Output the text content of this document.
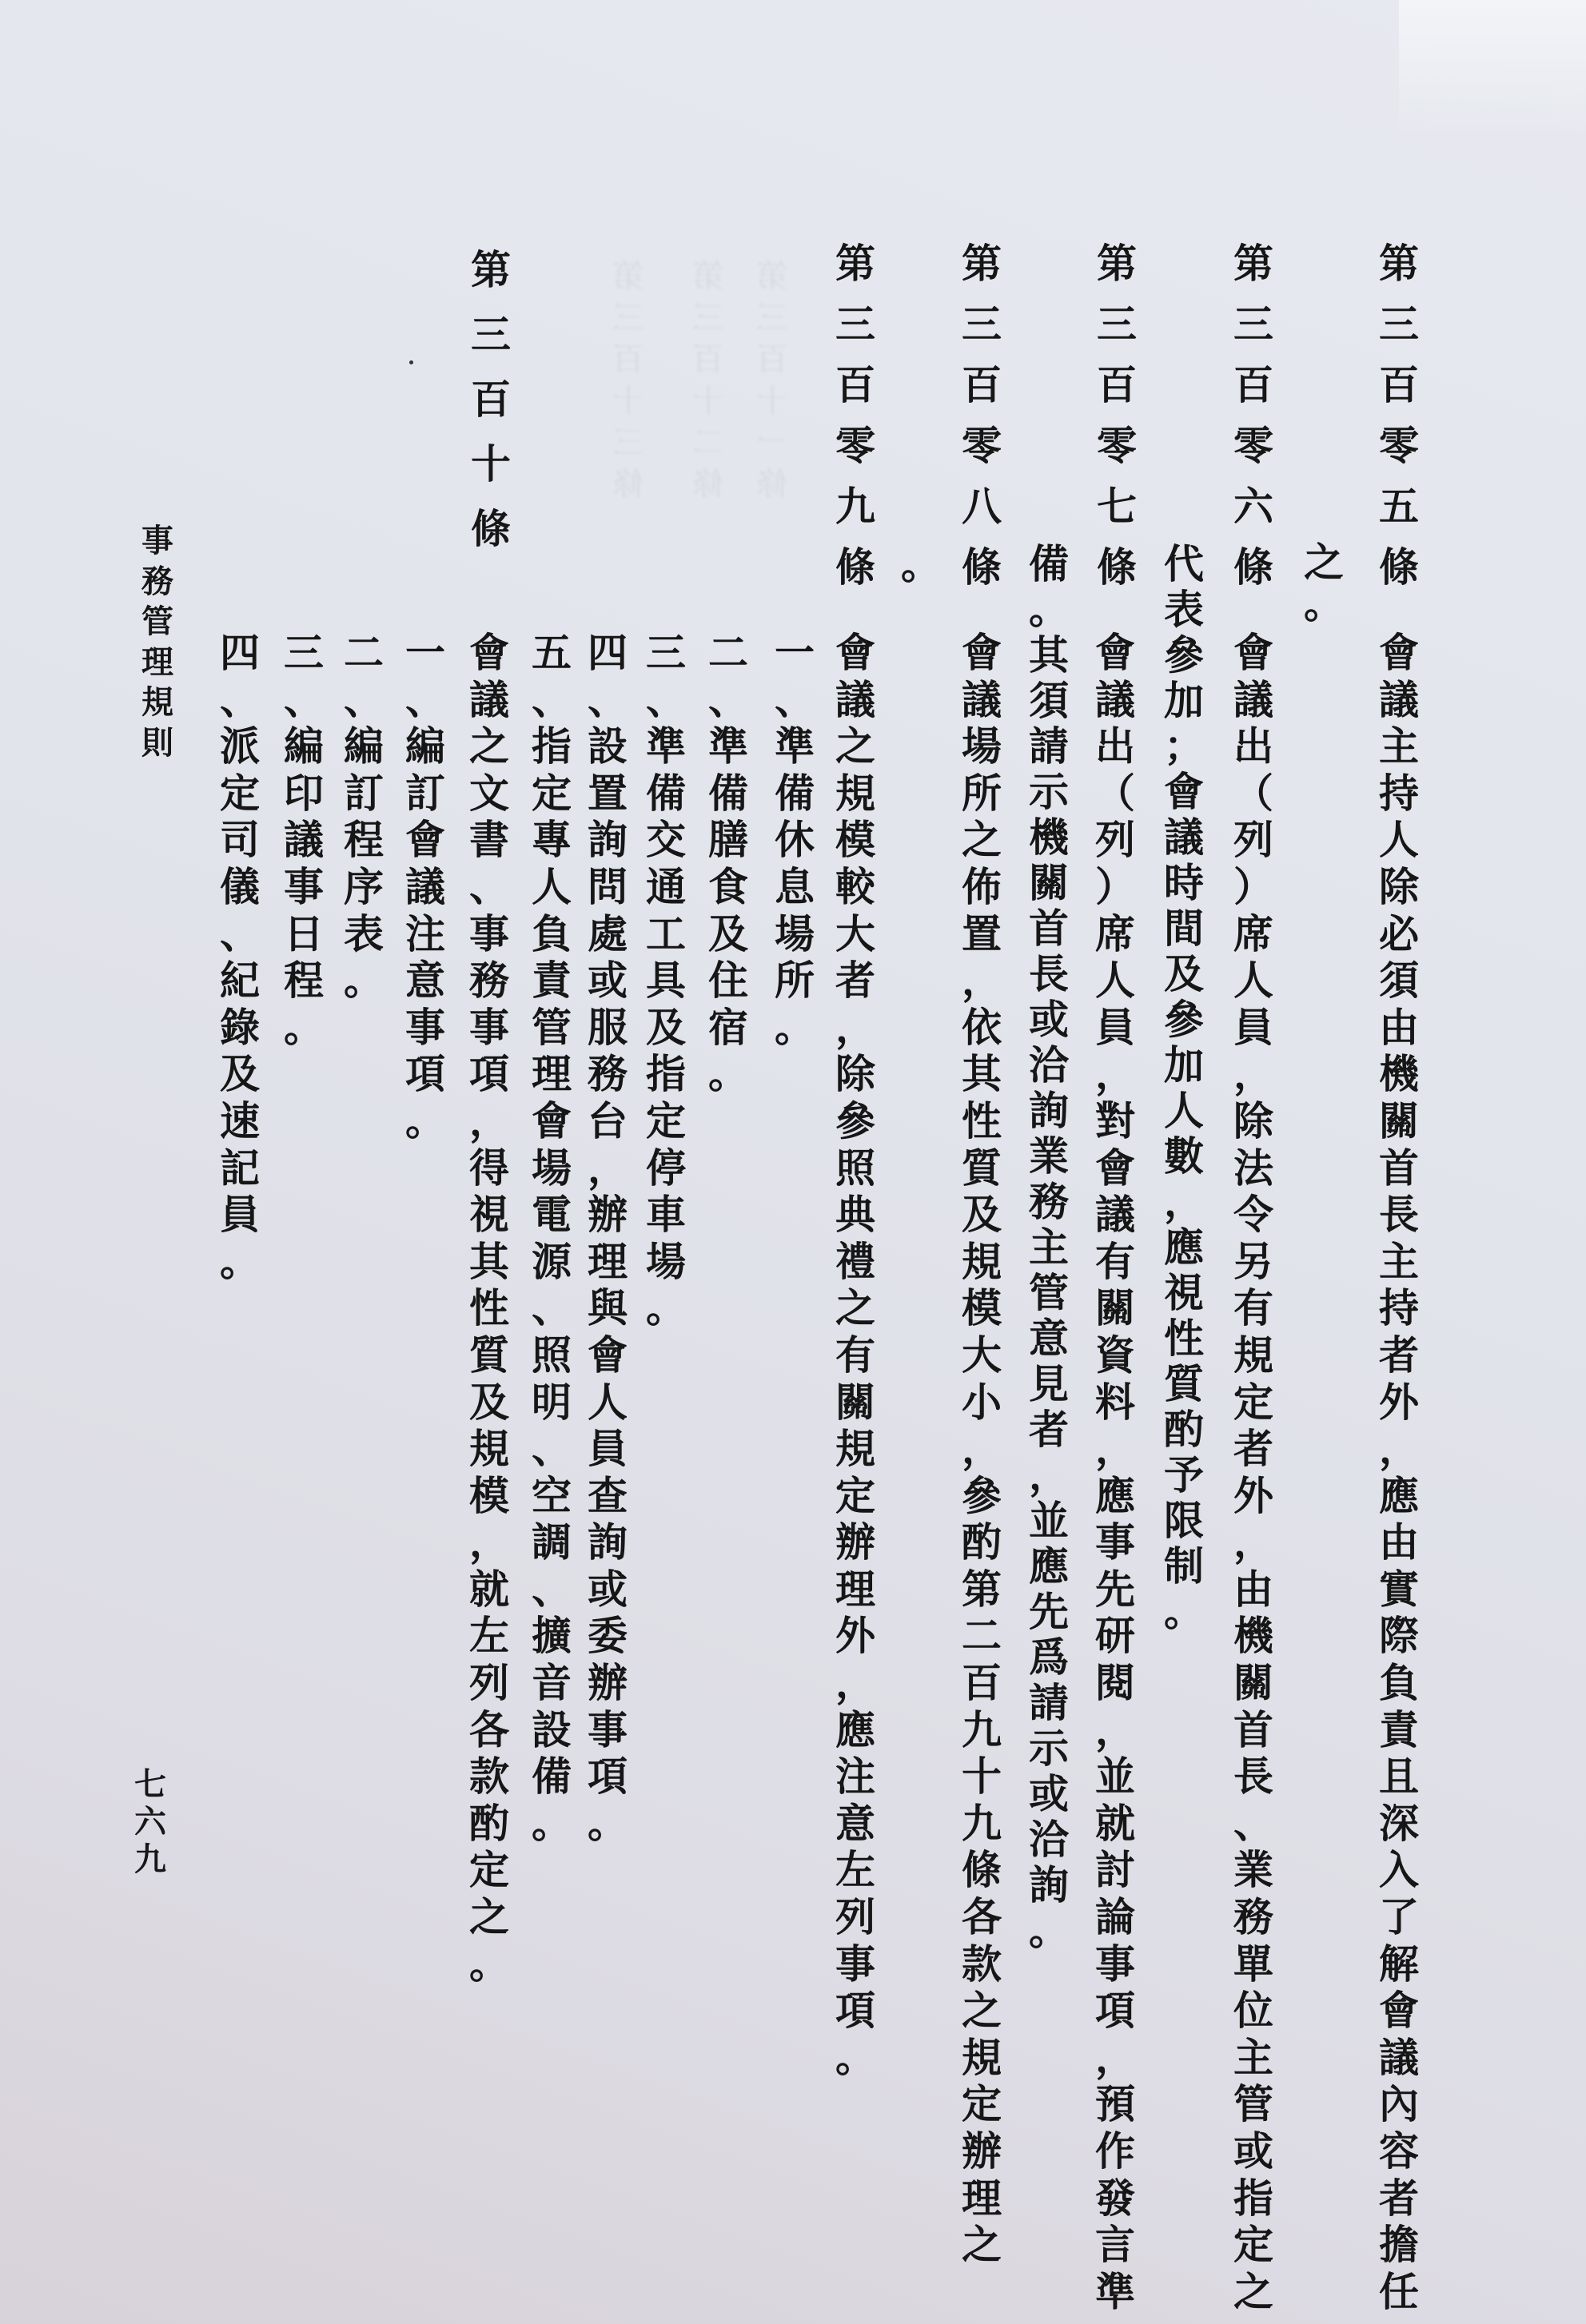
第
三
百
十
一
條
第
三
百
十
二
條
第
三
百
十
三
條
第
三
百
零
五
條
會
議
主
持
人
除
必
須
由
機
關
首
長
主
持
者
外
，
應
由
實
際
負
責
且
深
入
了
解
會
議
內
容
者
擔
任
之
。
第
三
百
零
六
條
會
議
出
（
列
）
席
人
員
，
除
法
令
另
有
規
定
者
外
，
由
機
關
首
長
、
業
務
單
位
主
管
或
指
定
之
代
表
參
加
；
會
議
時
間
及
參
加
人
數
，
應
視
性
質
酌
予
限
制
。
第
三
百
零
七
條
會
議
出
（
列
）
席
人
員
，
對
會
議
有
關
資
料
，
應
事
先
研
閱
，
並
就
討
論
事
項
，
預
作
發
言
準
備
。
其
須
請
示
機
關
首
長
或
洽
詢
業
務
主
管
意
見
者
，
並
應
先
爲
請
示
或
洽
詢
。
第
三
百
零
八
條
會
議
場
所
之
佈
置
，
依
其
性
質
及
規
模
大
小
，
參
酌
第
二
百
九
十
九
條
各
款
之
規
定
辦
理
之
。
第
三
百
零
九
條
會
議
之
規
模
較
大
者
，
除
參
照
典
禮
之
有
關
規
定
辦
理
外
，
應
注
意
左
列
事
項
。
一
、
準
備
休
息
場
所
。
二
、
準
備
膳
食
及
住
宿
。
三
、
準
備
交
通
工
具
及
指
定
停
車
場
。
四
、
設
置
詢
問
處
或
服
務
台
，
辦
理
與
會
人
員
查
詢
或
委
辦
事
項
。
五
、
指
定
專
人
負
責
管
理
會
場
電
源
、
照
明
、
空
調
、
擴
音
設
備
。
第
三
百
十
條
會
議
之
文
書
、
事
務
事
項
，
得
視
其
性
質
及
規
模
，
就
左
列
各
款
酌
定
之
。
一
、
編
訂
會
議
注
意
事
項
。
二
、
編
訂
程
序
表
。
三
、
編
印
議
事
日
程
。
四
、
派
定
司
儀
、
紀
錄
及
速
記
員
。
事
務
管
理
規
則
七
六
九
